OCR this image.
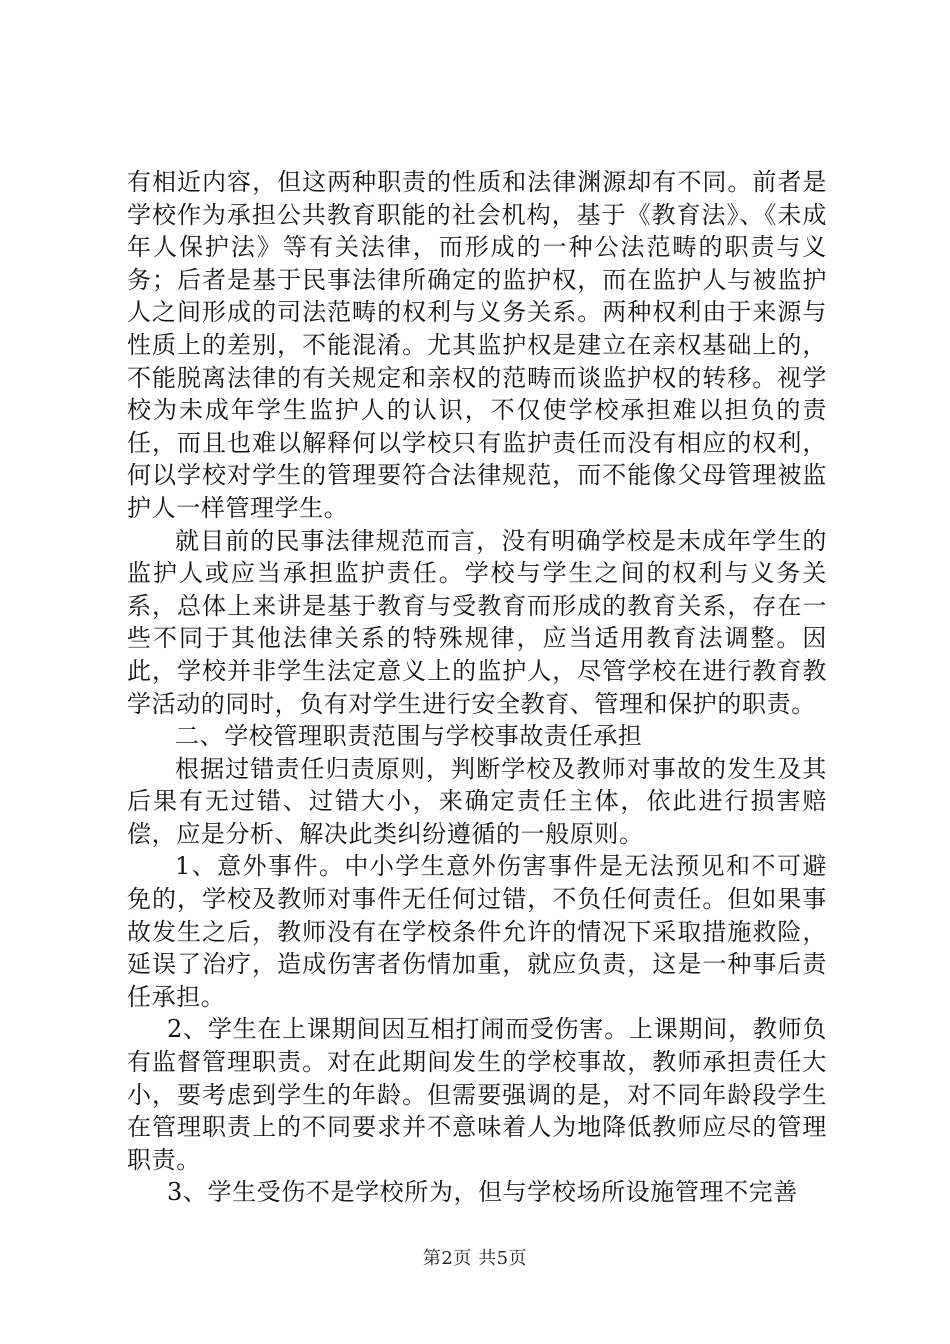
有相近内容，但这两种职责的性质和法律渊源却有不同。前者是学校作为承担公共教育职能的社会机构，基于《教育法》、《未成年人保护法》等有关法律，而形成的一种公法范畴的职责与义务；后者是基于民事法律所确定的监护权，而在监护人与被监护人之间形成的司法范畴的权利与义务关系。两种权利由于来源与性质上的差别，不能混淆。尤其监护权是建立在亲权基础上的，不能脱离法律的有关规定和亲权的范畴而谈监护权的转移。视学校为未成年学生监护人的认识，不仅使学校承担难以担负的责任，而且也难以解释何以学校只有监护责任而没有相应的权利，何以学校对学生的管理要符合法律规范，而不能像父母管理被监护人一样管理学生。

就目前的民事法律规范而言，没有明确学校是未成年学生的监护人或应当承担监护责任。学校与学生之间的权利与义务关系，总体上来讲是基于教育与受教育而形成的教育关系，存在一些不同于其他法律关系的特殊规律，应当适用教育法调整。因此，学校并非学生法定意义上的监护人，尽管学校在进行教育教学活动的同时，负有对学生进行安全教育、管理和保护的职责。

二、学校管理职责范围与学校事故责任承担

根据过错责任归责原则，判断学校及教师对事故的发生及其后果有无过错、过错大小，来确定责任主体，依此进行损害赔偿，应是分析、解决此类纠纷遵循的一般原则。

1、意外事件。中小学生意外伤害事件是无法预见和不可避免的，学校及教师对事件无任何过错，不负任何责任。但如果事故发生之后，教师没有在学校条件允许的情况下采取措施救险，延误了治疗，造成伤害者伤情加重，就应负责，这是一种事后责任承担。

2、学生在上课期间因互相打闹而受伤害。上课期间，教师负有监督管理职责。对在此期间发生的学校事故，教师承担责任大小，要考虑到学生的年龄。但需要强调的是，对不同年龄段学生在管理职责上的不同要求并不意味着人为地降低教师应尽的管理职责。

3、学生受伤不是学校所为，但与学校场所设施管理不完善

第2页 共5页
